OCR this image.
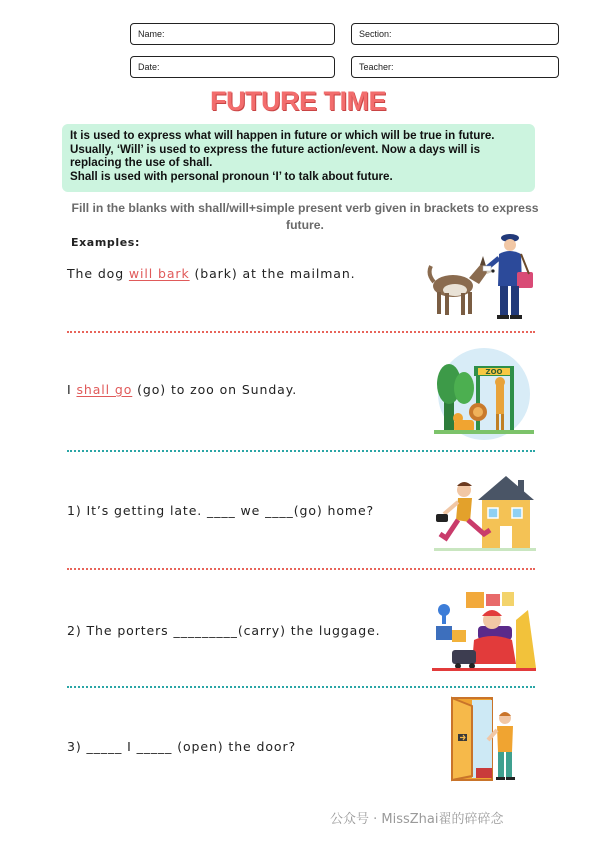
Name:	Section:
Date:	Teacher:
FUTURE TIME

It is used to express what will happen in future or which will be true in future. Usually, ‘Will’ is used to express the future action/event. Now a days will is replacing the use of shall.

Shall is used with personal pronoun ‘I’ to talk about future.

Fill in the blanks with shall/will+simple present verb given in brackets to express future.
Examples:
The dog will bark (bark) at the mailman.
I shall go (go) to zoo on Sunday.
ZOO
1) It’s getting late. ____ we ____(go) home?
2) The porters _________(carry) the luggage.
3) _____ I _____ (open) the door?
公众号 · MissZhai翟的碎碎念
